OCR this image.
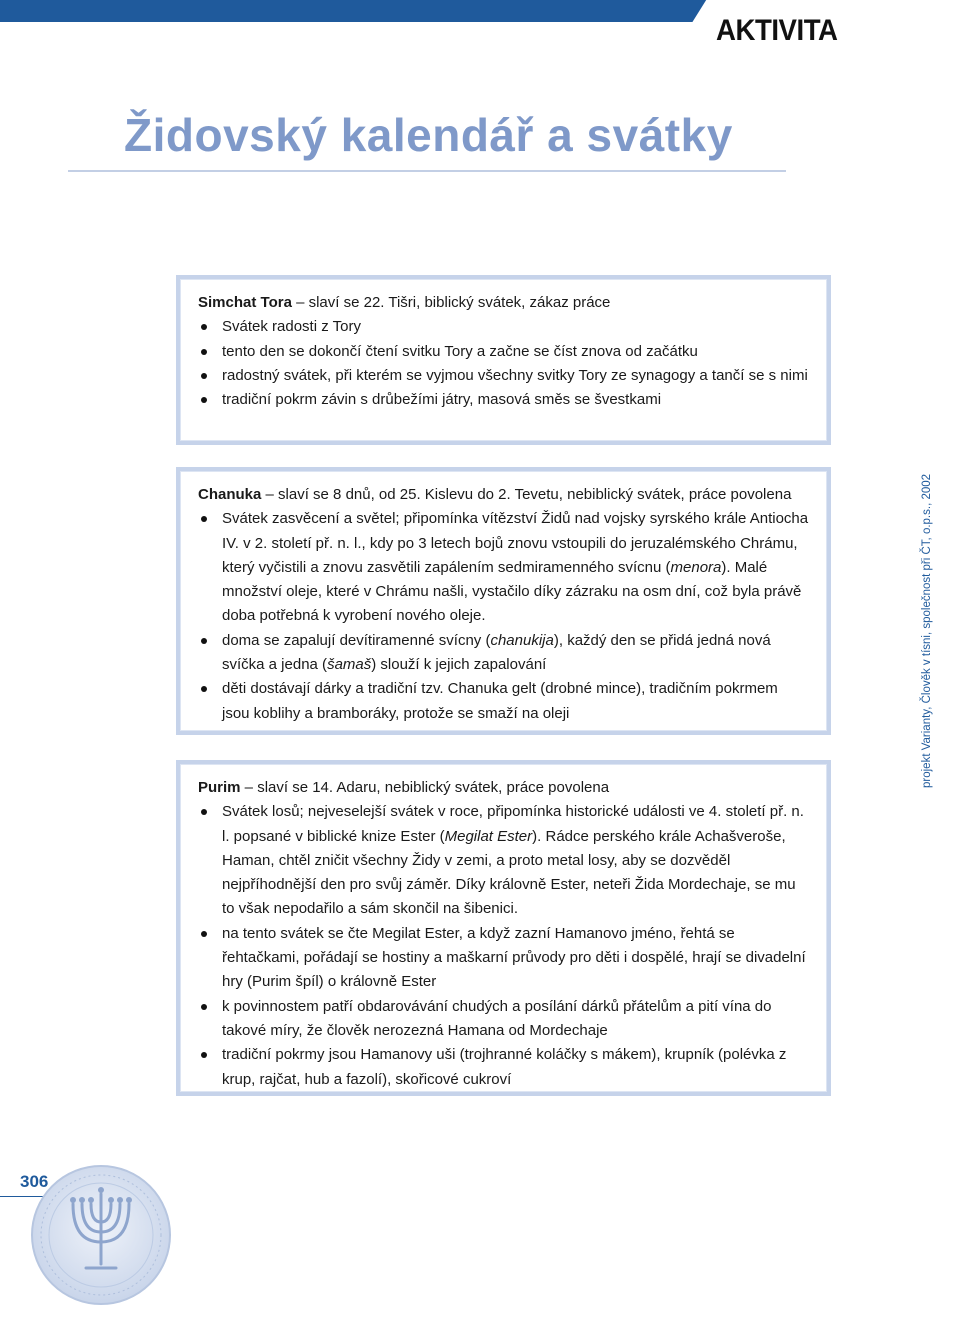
AKTIVITA
Židovský kalendář a svátky

Simchat Tora – slaví se 22. Tišri, biblický svátek, zákaz práce

Svátek radosti z Tory
tento den se dokončí čtení svitku Tory a začne se číst znova od začátku
radostný svátek, při kterém se vyjmou všechny svitky Tory ze synagogy a tančí se s nimi
tradiční pokrm závin s drůbežími játry, masová směs se švestkami

Chanuka – slaví se 8 dnů, od 25. Kislevu do 2. Tevetu, nebiblický svátek, práce povolena

Svátek zasvěcení a světel; připomínka vítězství Židů nad vojsky syrského krále Antiocha IV. v 2. století př. n. l., kdy po 3 letech bojů znovu vstoupili do jeruzalémského Chrámu, který vyčistili a znovu zasvětili zapálením sedmiramenného svícnu (menora). Malé množství oleje, které v Chrámu našli, vystačilo díky zázraku na osm dní, což byla právě doba potřebná k vyrobení nového oleje.
doma se zapalují devítiramenné svícny (chanukija), každý den se přidá jedná nová svíčka a jedna (šamaš) slouží k jejich zapalování
děti dostávají dárky a tradiční tzv. Chanuka gelt (drobné mince), tradičním pokrmem jsou koblihy a bramboráky, protože se smaží na oleji

Purim – slaví se 14. Adaru, nebiblický svátek, práce povolena

Svátek losů; nejveselejší svátek v roce, připomínka historické události ve 4. století př. n. l. popsané v biblické knize Ester (Megilat Ester). Rádce perského krále Achašveroše, Haman, chtěl zničit všechny Židy v zemi, a proto metal losy, aby se dozvěděl nejpříhodnější den pro svůj záměr. Díky královně Ester, neteři Žida Mordechaje, se mu to však nepodařilo a sám skončil na šibenici.
na tento svátek se čte Megilat Ester, a když zazní Hamanovo jméno, řehtá se řehtačkami, pořádají se hostiny a maškarní průvody pro děti i dospělé, hrají se divadelní hry (Purim špíl) o královně Ester
k povinnostem patří obdarovávání chudých a posílání dárků přátelům a pití vína do takové míry, že člověk nerozezná Hamana od Mordechaje
tradiční pokrmy jsou Hamanovy uši (trojhranné koláčky s mákem), krupník (polévka z krup, rajčat, hub a fazolí), skořicové cukroví
projekt Varianty, Člověk v tísni, společnost při ČT, o.p.s., 2002
306
